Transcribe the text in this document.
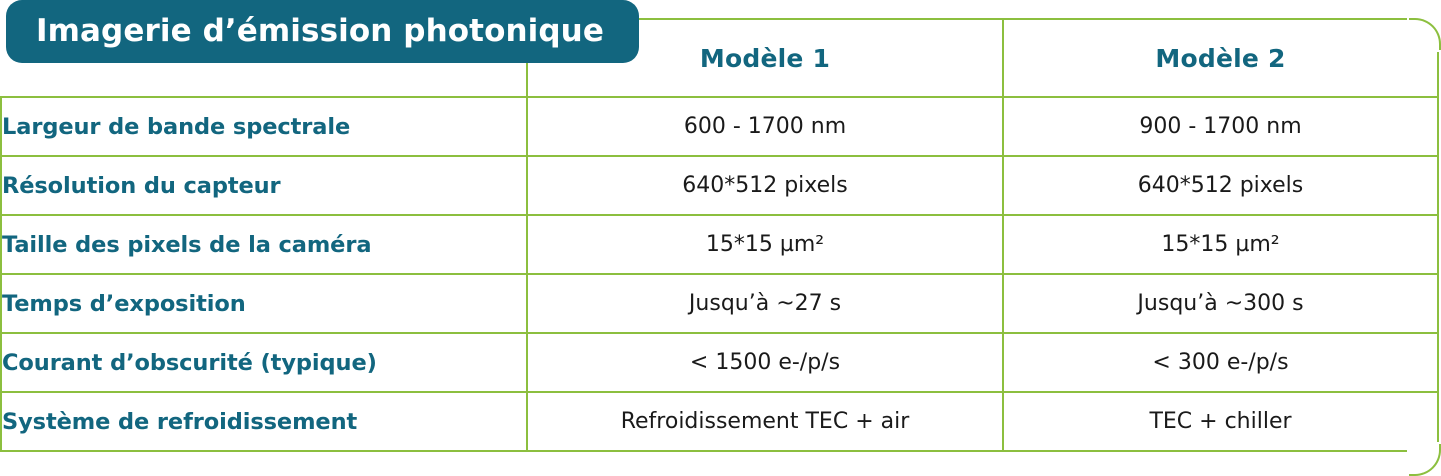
	Modèle 1	Modèle 2
Largeur de bande spectrale	600 - 1700 nm	900 - 1700 nm
Résolution du capteur	640*512 pixels	640*512 pixels
Taille des pixels de la caméra	15*15 µm²	15*15 µm²
Temps d’exposition	Jusqu’à ~27 s	Jusqu’à ~300 s
Courant d’obscurité (typique)	< 1500 e-/p/s	< 300 e-/p/s
Système de refroidissement	Refroidissement TEC + air	TEC + chiller
Imagerie d’émission photonique
